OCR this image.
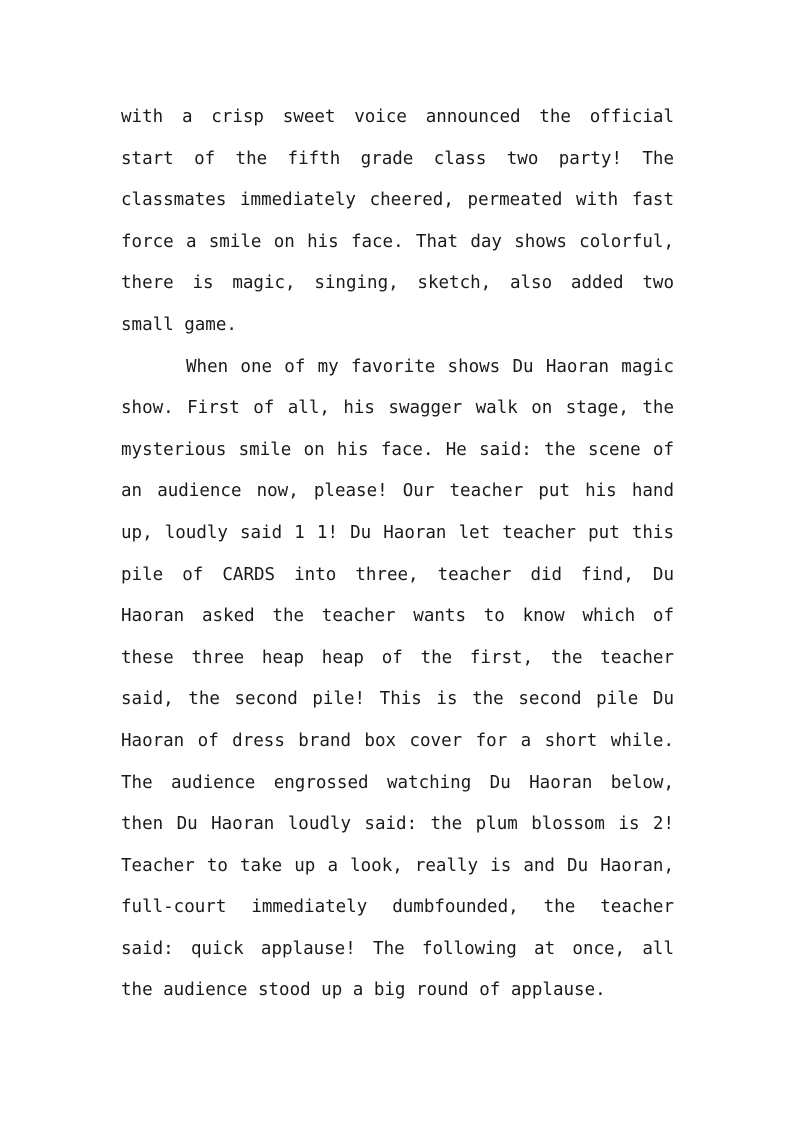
with a crisp sweet voice announced the official
start of the fifth grade class two party! The
classmates immediately cheered, permeated with fast
force a smile on his face. That day shows colorful,
there is magic, singing, sketch, also added two
small game.
When one of my favorite shows Du Haoran magic
show. First of all, his swagger walk on stage, the
mysterious smile on his face. He said: the scene of
an audience now, please! Our teacher put his hand
up, loudly said 1 1! Du Haoran let teacher put this
pile of CARDS into three, teacher did find, Du
Haoran asked the teacher wants to know which of
these three heap heap of the first, the teacher
said, the second pile! This is the second pile Du
Haoran of dress brand box cover for a short while.
The audience engrossed watching Du Haoran below,
then Du Haoran loudly said: the plum blossom is 2!
Teacher to take up a look, really is and Du Haoran,
full-court immediately dumbfounded, the teacher
said: quick applause! The following at once, all
the audience stood up a big round of applause.
